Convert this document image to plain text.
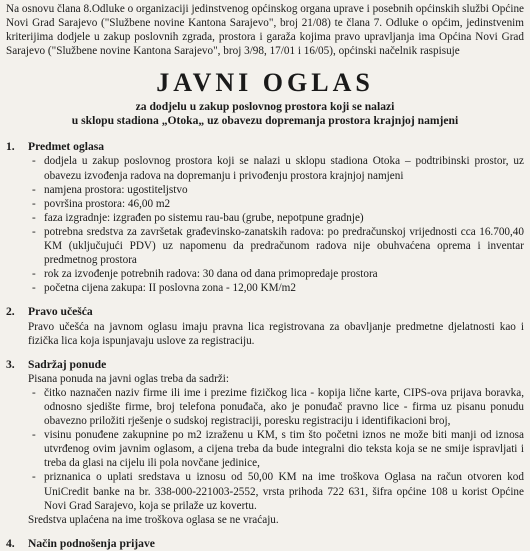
Na osnovu člana 8.Odluke o organizaciji jedinstvenog općinskog organa uprave i posebnih općinskih službi Općine Novi Grad Sarajevo ("Službene novine Kantona Sarajevo", broj 21/08) te člana 7. Odluke o općim, jedinstvenim kriterijima dodjele u zakup poslovnih zgrada, prostora i garaža kojima pravo upravljanja ima Općina Novi Grad Sarajevo ("Službene novine Kantona Sarajevo", broj 3/98, 17/01 i 16/05), općinski načelnik raspisuje

JAVNI OGLAS

za dodjelu u zakup poslovnog prostora koji se nalazi

u sklopu stadiona „Otoka„ uz obavezu dopremanja prostora krajnjoj namjeni

1.	Predmet oglasa
- dodjela u zakup poslovnog prostora koji se nalazi u sklopu stadiona Otoka – podtribinski prostor, uz obavezu izvođenja radova na dopremanju i privođenju prostora krajnjoj namjeni
- namjena prostora: ugostiteljstvo
- površina prostora: 46,00 m2
- faza izgradnje: izgrađen po sistemu rau-bau (grube, nepotpune gradnje)
- potrebna sredstva za završetak građevinsko-zanatskih radova: po predračunskoj vrijednosti cca 16.700,40 KM (uključujući PDV) uz napomenu da predračunom radova nije obuhvaćena oprema i inventar predmetnog prostora
- rok za izvođenje potrebnih radova: 30 dana od dana primopredaje prostora
- početna cijena zakupa: II poslovna zona - 12,00 KM/m2
2.	Pravo učešća

Pravo učešća na javnom oglasu imaju pravna lica registrovana za obavljanje predmetne djelatnosti kao i fizička lica koja ispunjavaju uslove za registraciju.

3.	Sadržaj ponude

Pisana ponuda na javni oglas treba da sadrži:

- čitko naznačen naziv firme ili ime i prezime fizičkog lica - kopija lične karte, CIPS-ova prijava boravka, odnosno sjedište firme, broj telefona ponuđača, ako je ponuđač pravno lice - firma uz pisanu ponudu obavezno priložiti rješenje o sudskoj registraciji, poresku registraciju i identifikacioni broj,
- visinu ponuđene zakupnine po m2 izraženu u KM, s tim što početni iznos ne može biti manji od iznosa utvrđenog ovim javnim oglasom, a cijena treba da bude integralni dio teksta koja se ne smije ispravljati i treba da glasi na cijelu ili pola novčane jedinice,
- priznanica o uplati sredstava u iznosu od 50,00 KM na ime troškova Oglasa na račun otvoren kod UniCredit banke na br. 338-000-221003-2552, vrsta prihoda 722 631, šifra općine 108 u korist Općine Novi Grad Sarajevo, koja se prilaže uz kovertu.

Sredstva uplaćena na ime troškova oglasa se ne vraćaju.

4.	Način podnošenja prijave
